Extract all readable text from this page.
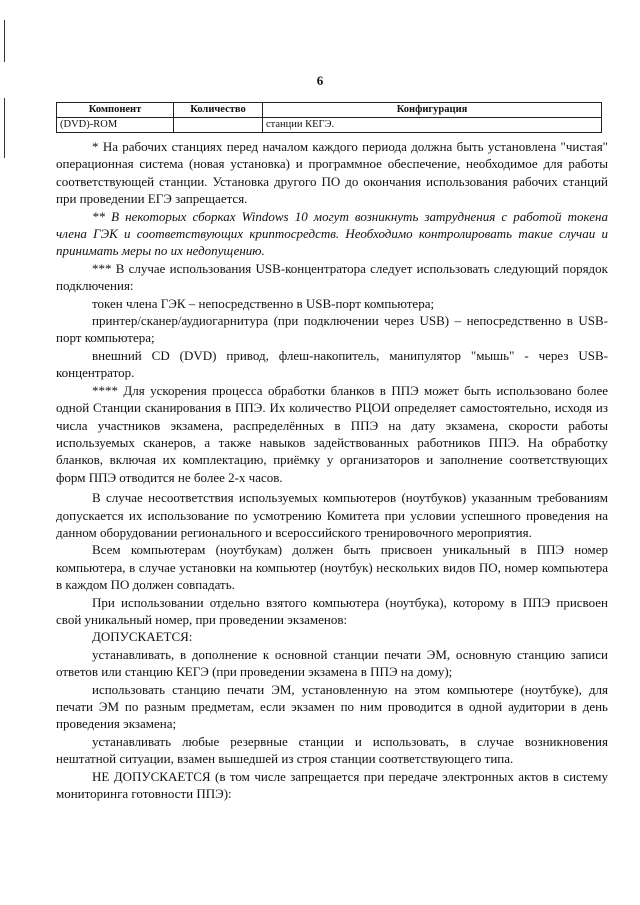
6
Компонент	Количество	Конфигурация
(DVD)-ROM		станции КЕГЭ.

* На рабочих станциях перед началом каждого периода должна быть установлена "чистая" операционная система (новая установка) и программное обеспечение, необходимое для работы соответствующей станции. Установка другого ПО до окончания использования рабочих станций при проведении ЕГЭ запрещается.

** В некоторых сборках Windows 10 могут возникнуть затруднения с работой токена члена ГЭК и соответствующих криптосредств. Необходимо контролировать такие случаи и принимать меры по их недопущению.

*** В случае использования USB-концентратора следует использовать следующий порядок подключения:

токен члена ГЭК – непосредственно в USB-порт компьютера;

принтер/сканер/аудиогарнитура (при подключении через USB) – непосредственно в USB-порт компьютера;

внешний CD (DVD) привод, флеш-накопитель, манипулятор "мышь" - через USB-концентратор.

**** Для ускорения процесса обработки бланков в ППЭ может быть использовано более одной Станции сканирования в ППЭ. Их количество РЦОИ определяет самостоятельно, исходя из числа участников экзамена, распределённых в ППЭ на дату экзамена, скорости работы используемых сканеров, а также навыков задействованных работников ППЭ. На обработку бланков, включая их комплектацию, приёмку у организаторов и заполнение соответствующих форм ППЭ отводится не более 2-х часов.

В случае несоответствия используемых компьютеров (ноутбуков) указанным требованиям допускается их использование по усмотрению Комитета при условии успешного проведения на данном оборудовании регионального и всероссийского тренировочного мероприятия.

Всем компьютерам (ноутбукам) должен быть присвоен уникальный в ППЭ номер компьютера, в случае установки на компьютер (ноутбук) нескольких видов ПО, номер компьютера в каждом ПО должен совпадать.

При использовании отдельно взятого компьютера (ноутбука), которому в ППЭ присвоен свой уникальный номер, при проведении экзаменов:

ДОПУСКАЕТСЯ:

устанавливать, в дополнение к основной станции печати ЭМ, основную станцию записи ответов или станцию КЕГЭ (при проведении экзамена в ППЭ на дому);

использовать станцию печати ЭМ, установленную на этом компьютере (ноутбуке), для печати ЭМ по разным предметам, если экзамен по ним проводится в одной аудитории в день проведения экзамена;

устанавливать любые резервные станции и использовать, в случае возникновения нештатной ситуации, взамен вышедшей из строя станции соответствующего типа.

НЕ ДОПУСКАЕТСЯ (в том числе запрещается при передаче электронных актов в систему мониторинга готовности ППЭ):
